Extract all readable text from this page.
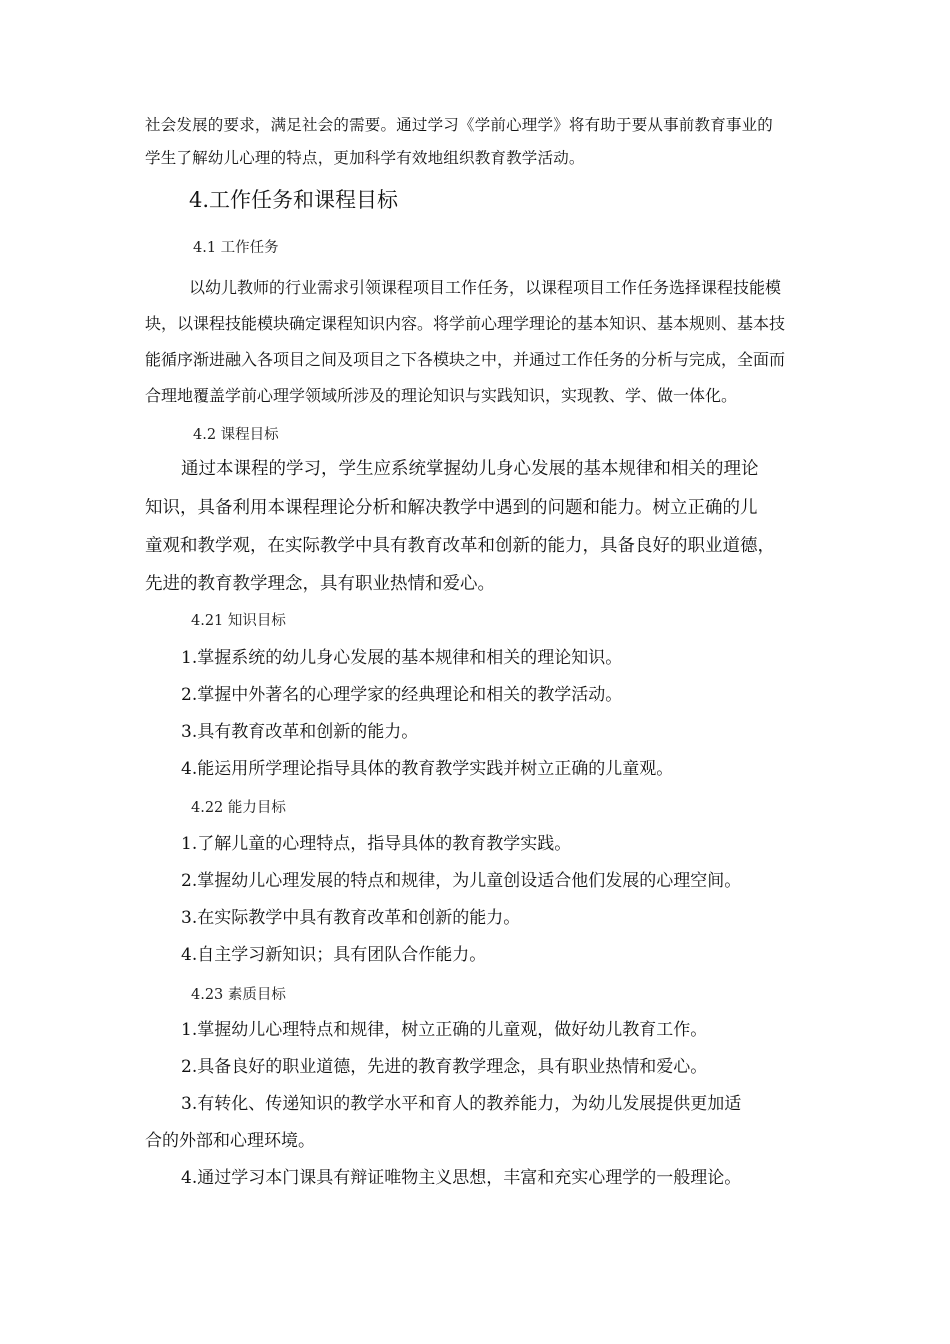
社会发展的要求，满足社会的需要。通过学习《学前心理学》将有助于要从事前教育事业的
学生了解幼儿心理的特点，更加科学有效地组织教育教学活动。
4.工作任务和课程目标
4.1 工作任务
以幼儿教师的行业需求引领课程项目工作任务，以课程项目工作任务选择课程技能模
块，以课程技能模块确定课程知识内容。将学前心理学理论的基本知识、基本规则、基本技
能循序渐进融入各项目之间及项目之下各模块之中，并通过工作任务的分析与完成，全面而
合理地覆盖学前心理学领域所涉及的理论知识与实践知识，实现教、学、做一体化。
4.2 课程目标
通过本课程的学习，学生应系统掌握幼儿身心发展的基本规律和相关的理论
知识，具备利用本课程理论分析和解决教学中遇到的问题和能力。树立正确的儿
童观和教学观，在实际教学中具有教育改革和创新的能力，具备良好的职业道德，
先进的教育教学理念，具有职业热情和爱心。
4.21 知识目标
1.掌握系统的幼儿身心发展的基本规律和相关的理论知识。
2.掌握中外著名的心理学家的经典理论和相关的教学活动。
3.具有教育改革和创新的能力。
4.能运用所学理论指导具体的教育教学实践并树立正确的儿童观。
4.22 能力目标
1.了解儿童的心理特点，指导具体的教育教学实践。
2.掌握幼儿心理发展的特点和规律，为儿童创设适合他们发展的心理空间。
3.在实际教学中具有教育改革和创新的能力。
4.自主学习新知识；具有团队合作能力。
4.23 素质目标
1.掌握幼儿心理特点和规律，树立正确的儿童观，做好幼儿教育工作。
2.具备良好的职业道德，先进的教育教学理念，具有职业热情和爱心。
3.有转化、传递知识的教学水平和育人的教养能力，为幼儿发展提供更加适
合的外部和心理环境。
4.通过学习本门课具有辩证唯物主义思想，丰富和充实心理学的一般理论。
